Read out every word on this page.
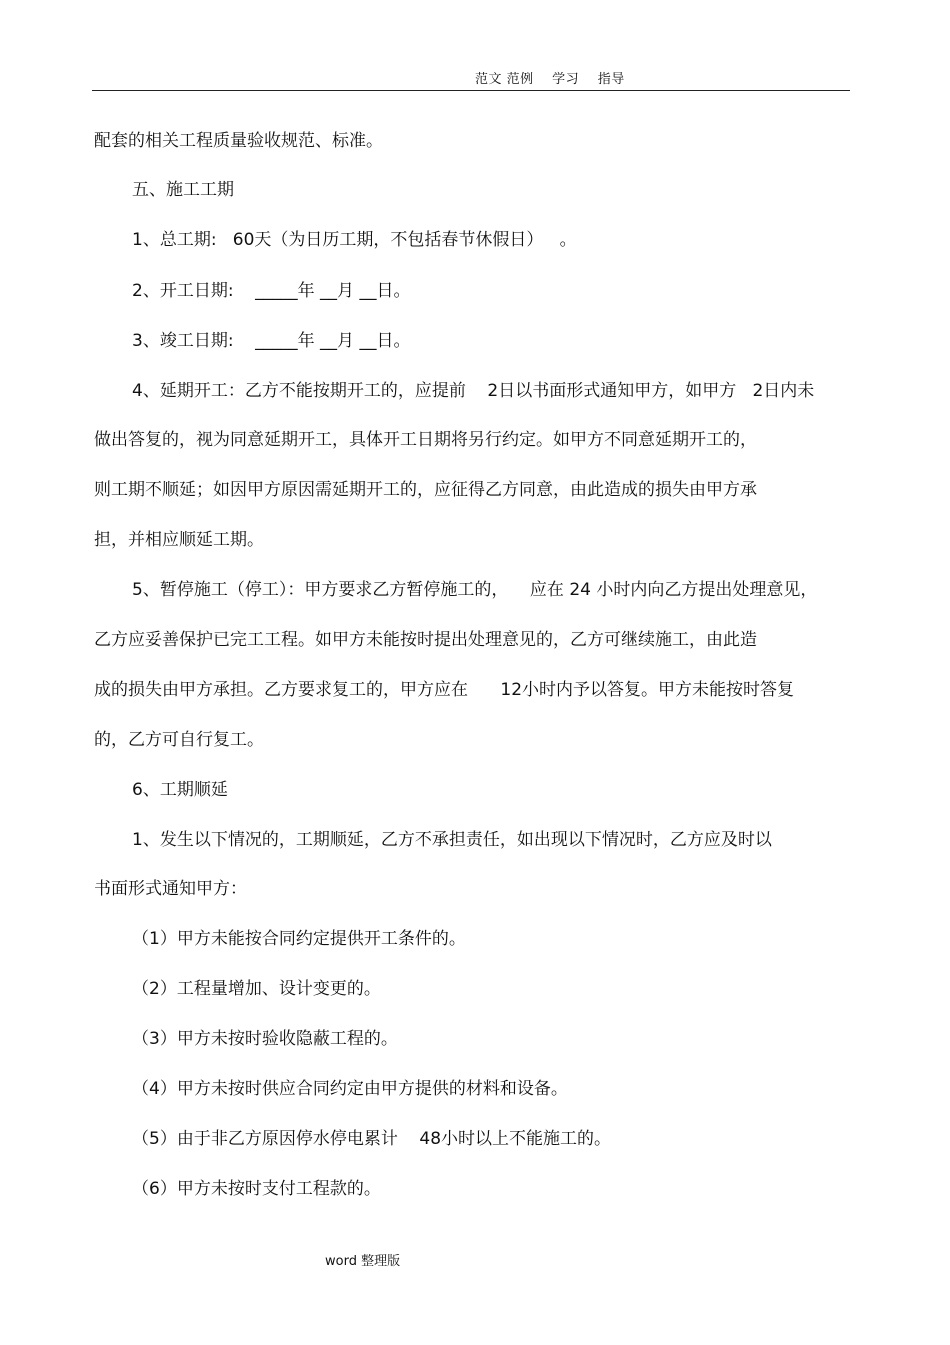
范文 范例    学习    指导
配套的相关工程质量验收规范、标准。
五、施工工期
1、总工期:   60天（为日历工期，不包括春节休假日）   。
2、开工日期:    _____年 __月 __日。
3、竣工日期:    _____年 __月 __日。
4、延期开工：乙方不能按期开工的，应提前    2日以书面形式通知甲方，如甲方   2日内未
做出答复的，视为同意延期开工，具体开工日期将另行约定。如甲方不同意延期开工的，
则工期不顺延；如因甲方原因需延期开工的，应征得乙方同意，由此造成的损失由甲方承
担，并相应顺延工期。
5、暂停施工（停工）：甲方要求乙方暂停施工的，    应在 24 小时内向乙方提出处理意见，
乙方应妥善保护已完工工程。如甲方未能按时提出处理意见的，乙方可继续施工，由此造
成的损失由甲方承担。乙方要求复工的，甲方应在      12小时内予以答复。甲方未能按时答复
的，乙方可自行复工。
6、工期顺延
1、发生以下情况的，工期顺延，乙方不承担责任，如出现以下情况时，乙方应及时以
书面形式通知甲方：
（1）甲方未能按合同约定提供开工条件的。
（2）工程量增加、设计变更的。
（3）甲方未按时验收隐蔽工程的。
（4）甲方未按时供应合同约定由甲方提供的材料和设备。
（5）由于非乙方原因停水停电累计    48小时以上不能施工的。
（6）甲方未按时支付工程款的。
word 整理版
